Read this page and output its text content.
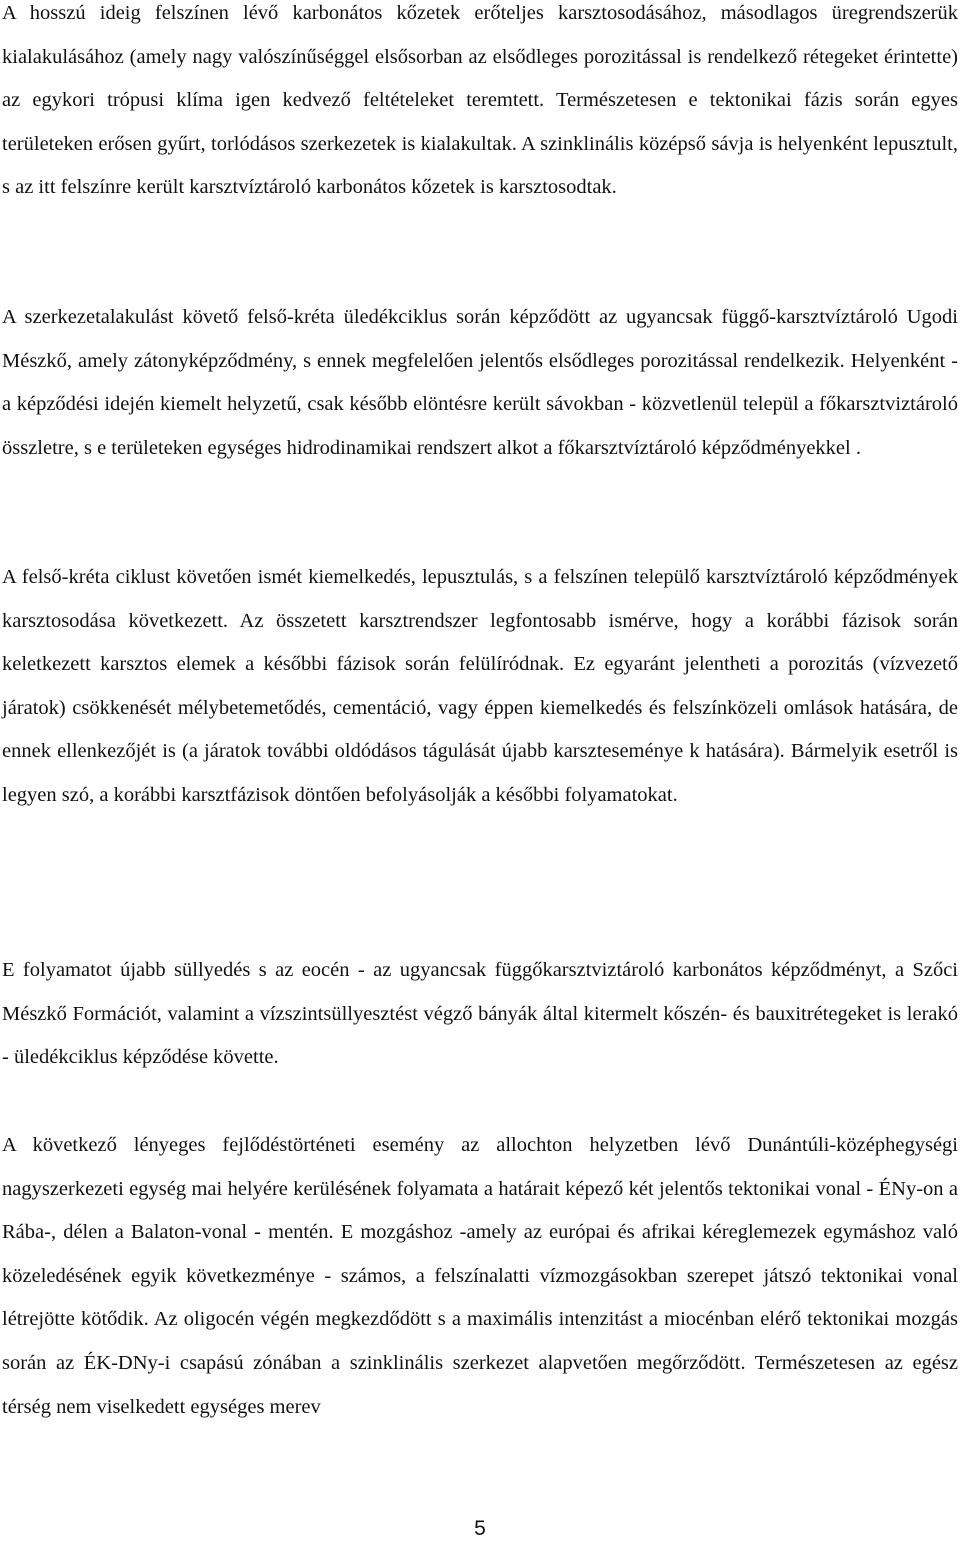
A hosszú ideig felszínen lévő karbonátos kőzetek erőteljes karsztosodásához, másodlagos üregrendszerük kialakulásához (amely nagy valószínűséggel elsősorban az elsődleges porozitással is rendelkező rétegeket érintette) az egykori trópusi klíma igen kedvező feltételeket teremtett. Természetesen e tektonikai fázis során egyes területeken erősen gyűrt, torlódásos szerkezetek is kialakultak. A szinklinális középső sávja is helyenként lepusztult, s az itt felszínre került karsztvíztároló karbonátos kőzetek is karsztosodtak.

A szerkezetalakulást követő felső-kréta üledékciklus során képződött az ugyancsak függő-karsztvíztároló Ugodi Mészkő, amely zátonyképződmény, s ennek megfelelően jelentős elsődleges porozitással rendelkezik. Helyenként - a képződési idején kiemelt helyzetű, csak később elöntésre került sávokban - közvetlenül települ a főkarsztviztároló összletre, s e területeken egységes hidrodinamikai rendszert alkot a főkarsztvíztároló képződményekkel .

A felső-kréta ciklust követően ismét kiemelkedés, lepusztulás, s a felszínen települő karsztvíztároló képződmények karsztosodása következett. Az összetett karsztrendszer legfontosabb ismérve, hogy a korábbi fázisok során keletkezett karsztos elemek a későbbi fázisok során felülíródnak. Ez egyaránt jelentheti a porozitás (vízvezető járatok) csökkenését mélybetemetődés, cementáció, vagy éppen kiemelkedés és felszínközeli omlások hatására, de ennek ellenkezőjét is (a járatok további oldódásos tágulását újabb karszteseménye k hatására). Bármelyik esetről is legyen szó, a korábbi karsztfázisok döntően befolyásolják a későbbi folyamatokat.

E folyamatot újabb süllyedés s az eocén - az ugyancsak függőkarsztviztároló karbonátos képződményt, a Szőci Mészkő Formációt, valamint a vízszintsüllyesztést végző bányák által kitermelt kőszén- és bauxitrétegeket is lerakó - üledékciklus képződése követte.

A következő lényeges fejlődéstörténeti esemény az allochton helyzetben lévő Dunántúli-középhegységi nagyszerkezeti egység mai helyére kerülésének folyamata a határait képező két jelentős tektonikai vonal - ÉNy-on a Rába-, délen a Balaton-vonal - mentén. E mozgáshoz -amely az európai és afrikai kéreglemezek egymáshoz való közeledésének egyik következménye - számos, a felszínalatti vízmozgásokban szerepet játszó tektonikai vonal létrejötte kötődik. Az oligocén végén megkezdődött s a maximális intenzitást a miocénban elérő tektonikai mozgás során az ÉK-DNy-i csapású zónában a szinklinális szerkezet alapvetően megőrződött. Természetesen az egész térség nem viselkedett egységes merev

5
